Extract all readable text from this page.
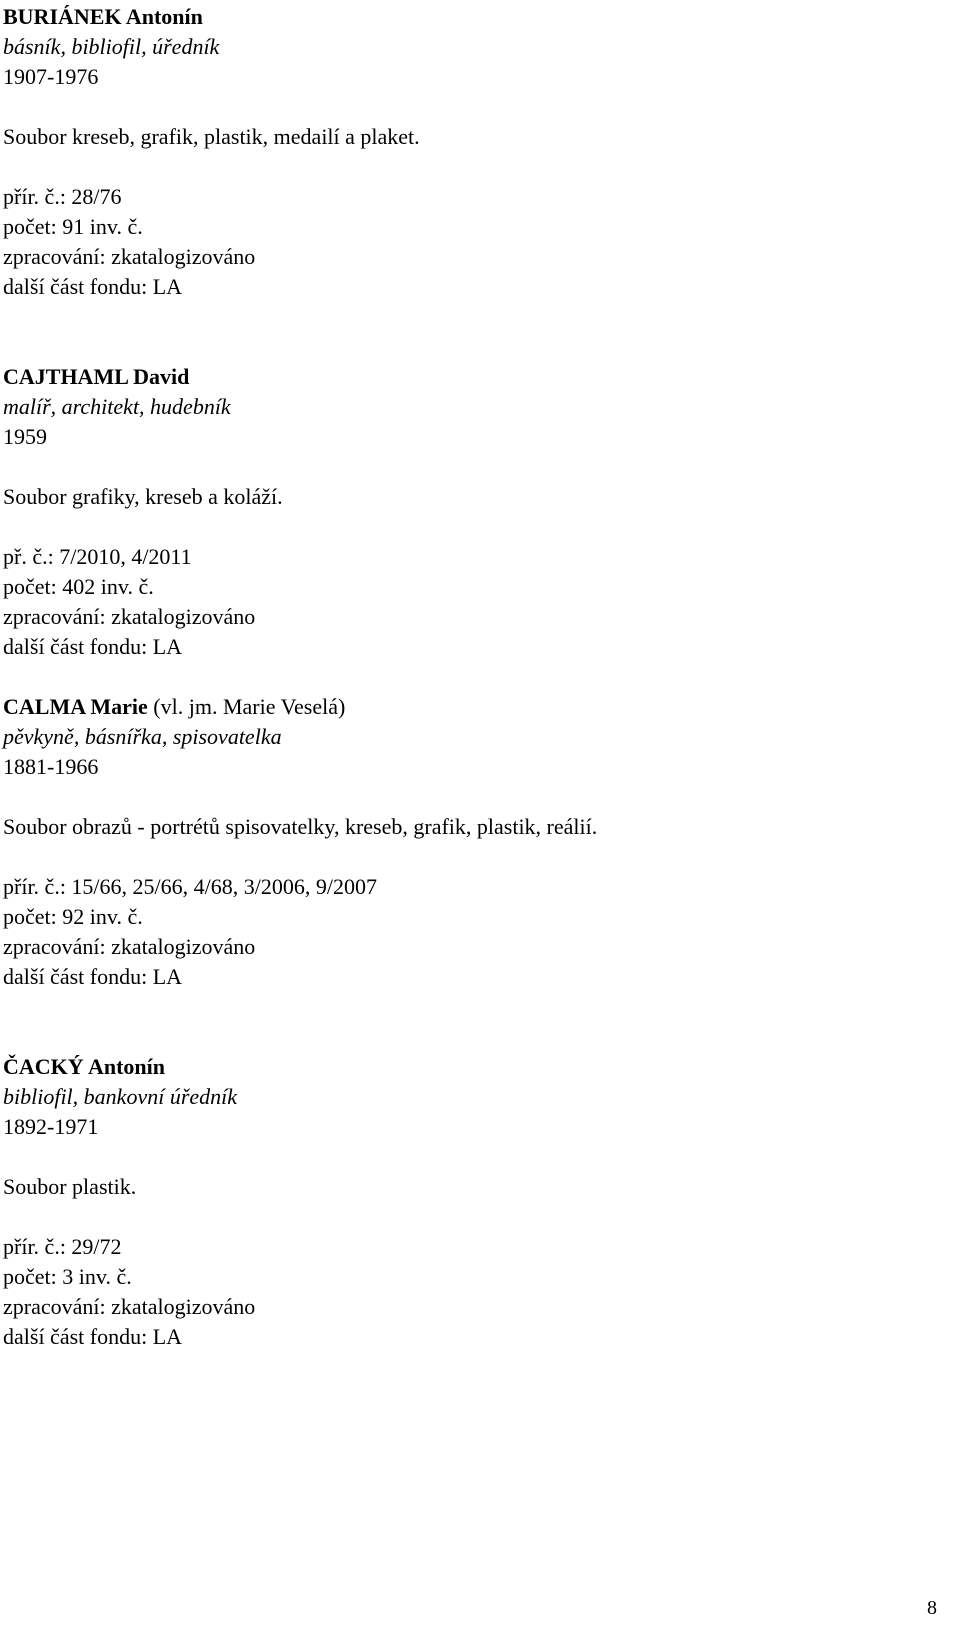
BURIÁNEK Antonín
básník, bibliofil, úředník
1907-1976
Soubor kreseb, grafik, plastik, medailí a plaket.
přír. č.: 28/76
počet: 91 inv. č.
zpracování: zkatalogizováno
další část fondu: LA
CAJTHAML David
malíř, architekt, hudebník
1959
Soubor grafiky, kreseb a koláží.
př. č.: 7/2010, 4/2011
počet: 402 inv. č.
zpracování: zkatalogizováno
další část fondu: LA
CALMA Marie (vl. jm. Marie Veselá)
pěvkyně, básnířka, spisovatelka
1881-1966
Soubor obrazů - portrétů spisovatelky, kreseb, grafik, plastik, reálií.
přír. č.: 15/66, 25/66, 4/68, 3/2006, 9/2007
počet: 92 inv. č.
zpracování: zkatalogizováno
další část fondu: LA
ČACKÝ Antonín
bibliofil, bankovní úředník
1892-1971
Soubor plastik.
přír. č.: 29/72
počet: 3 inv. č.
zpracování: zkatalogizováno
další část fondu: LA
8
